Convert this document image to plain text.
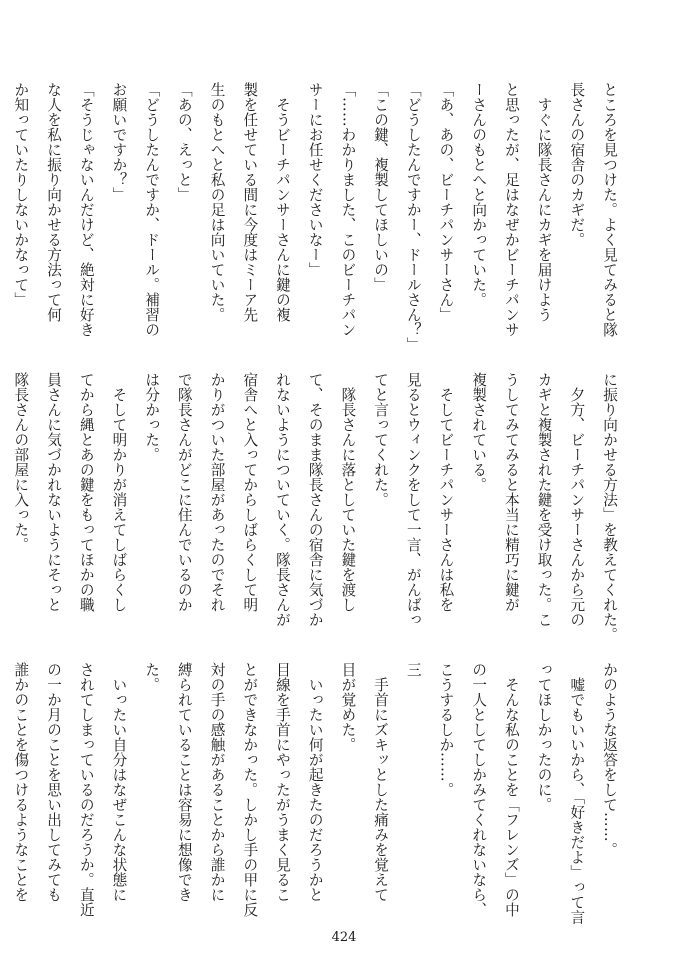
ところを見つけた。よく見てみると隊
長さんの宿舎のカギだ。
　すぐに隊長さんにカギを届けよう
と思ったが、足はなぜかビーチパンサ
ーさんのもとへと向かっていた。
「あ、あの、ビーチパンサーさん」
「どうしたんですかー、ドールさん？」
「この鍵、複製してほしいの」
「……わかりました、このビーチパン
サーにお任せくださいなー」
　そうビーチパンサーさんに鍵の複
製を任せている間に今度はミーア先
生のもとへと私の足は向いていた。
「あの、えっと」
「どうしたんですか、ドール。補習の
お願いですか？」
「そうじゃないんだけど、絶対に好き
な人を私に振り向かせる方法って何
か知っていたりしないかなって」
に振り向かせる方法」を教えてくれた。
　夕方、ビーチパンサーさんから元の
カギと複製された鍵を受け取った。こ
うしてみてみると本当に精巧に鍵が
複製されている。
　そしてビーチパンサーさんは私を
見るとウィンクをして一言、がんばっ
てと言ってくれた。
　隊長さんに落としていた鍵を渡し
て、そのまま隊長さんの宿舎に気づか
れないようについていく。隊長さんが
宿舎へと入ってからしばらくして明
かりがついた部屋があったのでそれ
で隊長さんがどこに住んでいるのか
は分かった。
　そして明かりが消えてしばらくし
てから縄とあの鍵をもってほかの職
員さんに気づかれないようにそっと
隊長さんの部屋に入った。
かのような返答をして……。
　嘘でもいいから、「好きだよ」って言
ってほしかったのに。
　そんな私のことを「フレンズ」の中
の一人としてしかみてくれないなら、
こうするしか……。
三
　手首にズキッとした痛みを覚えて
目が覚めた。
　いったい何が起きたのだろうかと
目線を手首にやったがうまく見るこ
とができなかった。しかし手の甲に反
対の手の感触があることから誰かに
縛られていることは容易に想像でき
た。
　いったい自分はなぜこんな状態に
されてしまっているのだろうか。直近
の一か月のことを思い出してみても
誰かのことを傷つけるようなことを
424
